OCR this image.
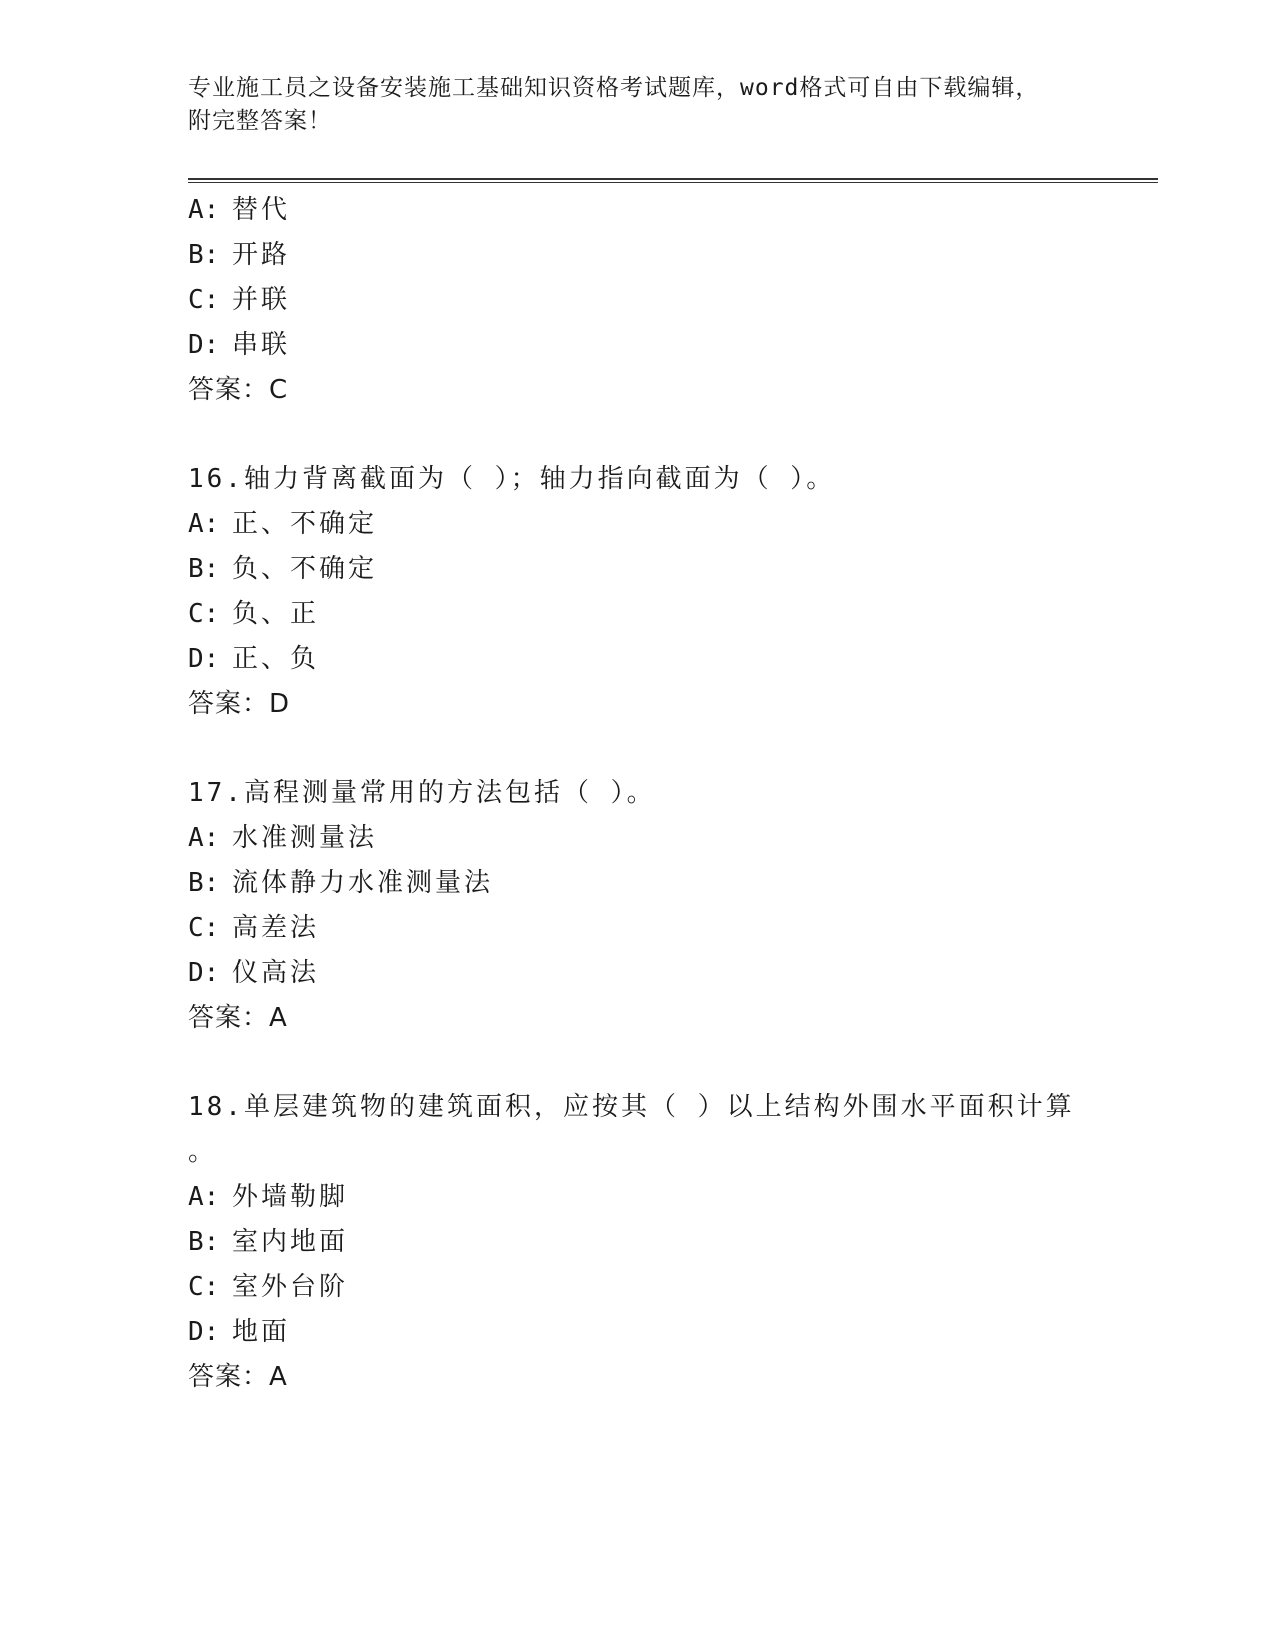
专业施工员之设备安装施工基础知识资格考试题库，word格式可自由下载编辑，
附完整答案！
A: 替代
B: 开路
C: 并联
D: 串联
答案：C
16.轴力背离截面为（ ）；轴力指向截面为（ ）。
A: 正、不确定
B: 负、不确定
C: 负、正
D: 正、负
答案：D
17.高程测量常用的方法包括（ ）。
A: 水准测量法
B: 流体静力水准测量法
C: 高差法
D: 仪高法
答案：A
18.单层建筑物的建筑面积，应按其（ ）以上结构外围水平面积计算
。
A: 外墙勒脚
B: 室内地面
C: 室外台阶
D: 地面
答案：A
